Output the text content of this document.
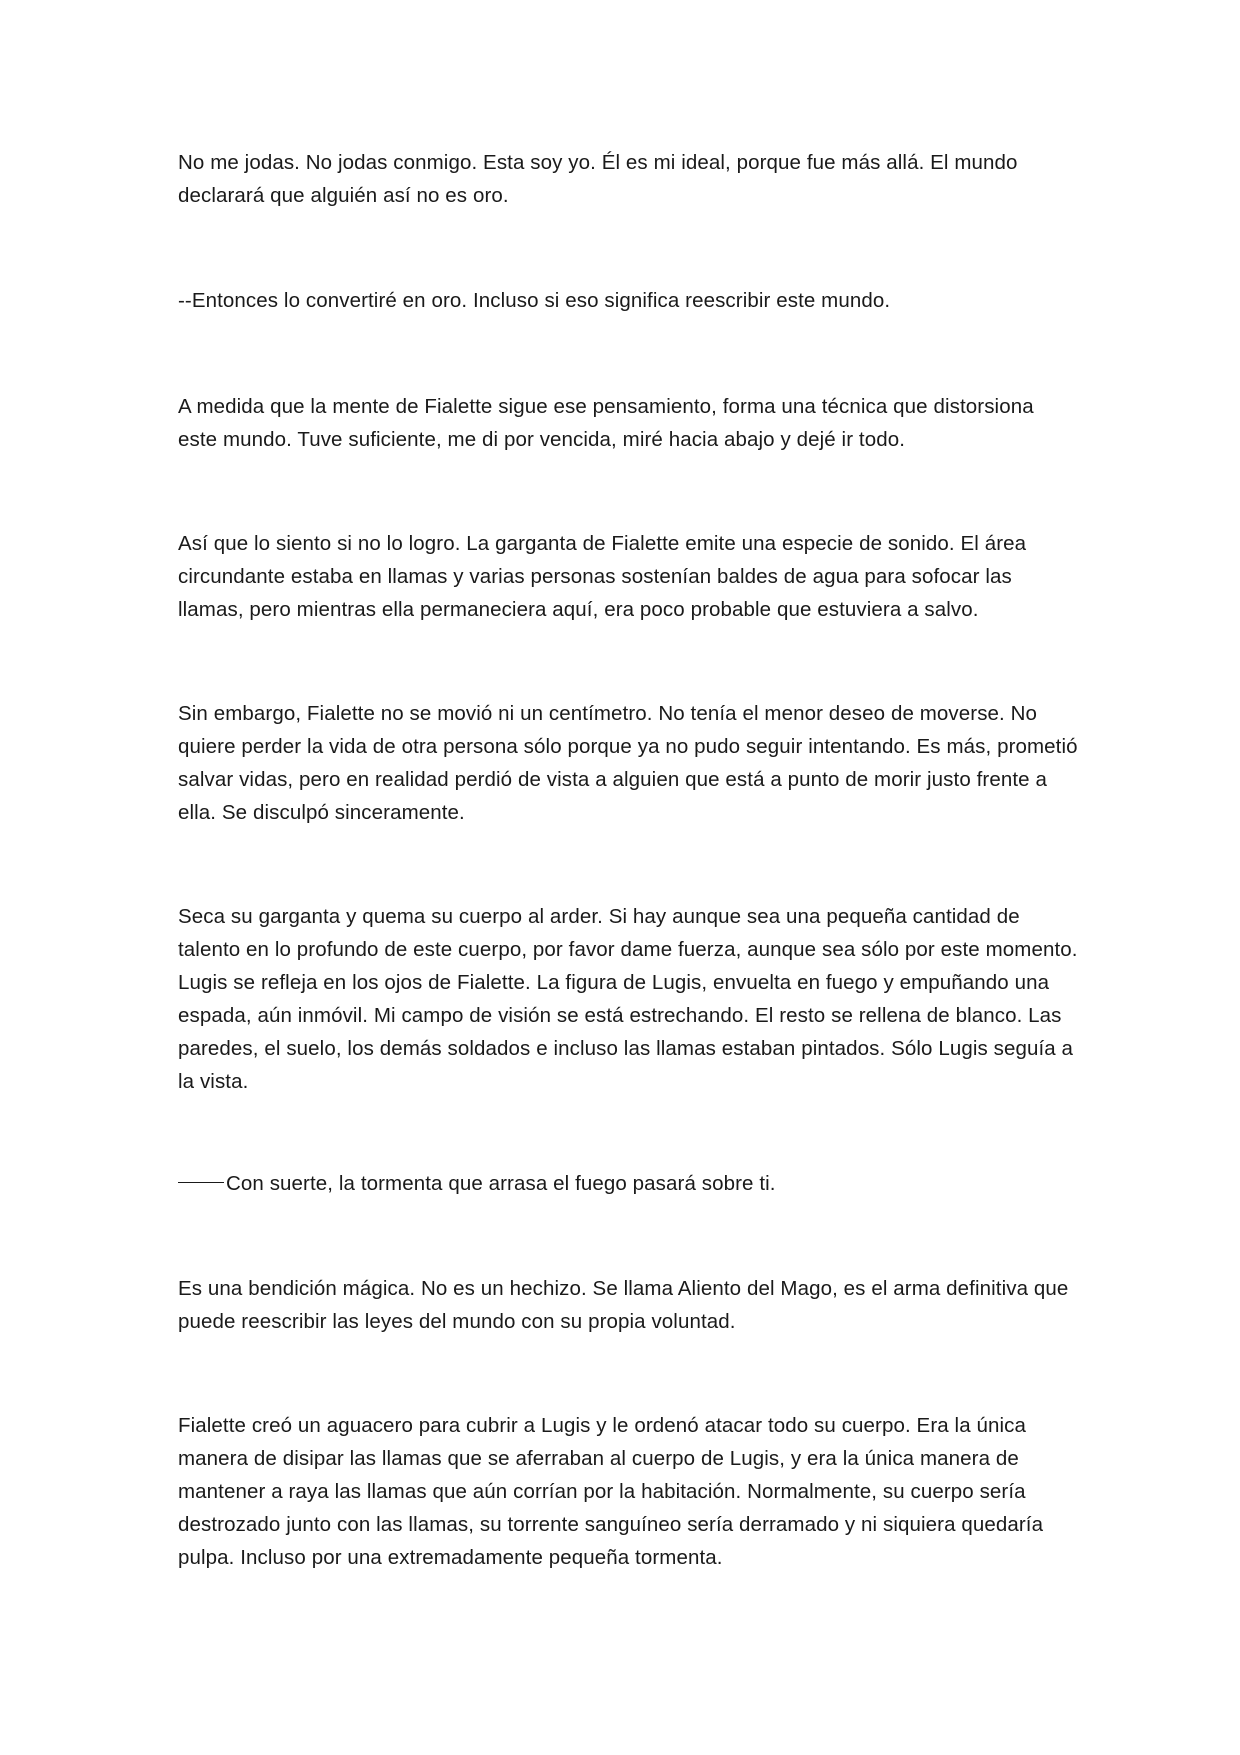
No me jodas. No jodas conmigo. Esta soy yo. Él es mi ideal, porque fue más allá. El mundo declarará que alguién así no es oro.

--Entonces lo convertiré en oro. Incluso si eso significa reescribir este mundo.

A medida que la mente de Fialette sigue ese pensamiento, forma una técnica que distorsiona este mundo. Tuve suficiente, me di por vencida, miré hacia abajo y dejé ir todo.

Así que lo siento si no lo logro. La garganta de Fialette emite una especie de sonido. El área circundante estaba en llamas y varias personas sostenían baldes de agua para sofocar las llamas, pero mientras ella permaneciera aquí, era poco probable que estuviera a salvo.

Sin embargo, Fialette no se movió ni un centímetro. No tenía el menor deseo de moverse. No quiere perder la vida de otra persona sólo porque ya no pudo seguir intentando. Es más, prometió salvar vidas, pero en realidad perdió de vista a alguien que está a punto de morir justo frente a ella. Se disculpó sinceramente.

Seca su garganta y quema su cuerpo al arder. Si hay aunque sea una pequeña cantidad de talento en lo profundo de este cuerpo, por favor dame fuerza, aunque sea sólo por este momento. Lugis se refleja en los ojos de Fialette. La figura de Lugis, envuelta en fuego y empuñando una espada, aún inmóvil. Mi campo de visión se está estrechando. El resto se rellena de blanco. Las paredes, el suelo, los demás soldados e incluso las llamas estaban pintados. Sólo Lugis seguía a la vista.

Con suerte, la tormenta que arrasa el fuego pasará sobre ti.

Es una bendición mágica. No es un hechizo. Se llama Aliento del Mago, es el arma definitiva que puede reescribir las leyes del mundo con su propia voluntad.

Fialette creó un aguacero para cubrir a Lugis y le ordenó atacar todo su cuerpo. Era la única manera de disipar las llamas que se aferraban al cuerpo de Lugis, y era la única manera de mantener a raya las llamas que aún corrían por la habitación. Normalmente, su cuerpo sería destrozado junto con las llamas, su torrente sanguíneo sería derramado y ni siquiera quedaría pulpa. Incluso por una extremadamente pequeña tormenta.
